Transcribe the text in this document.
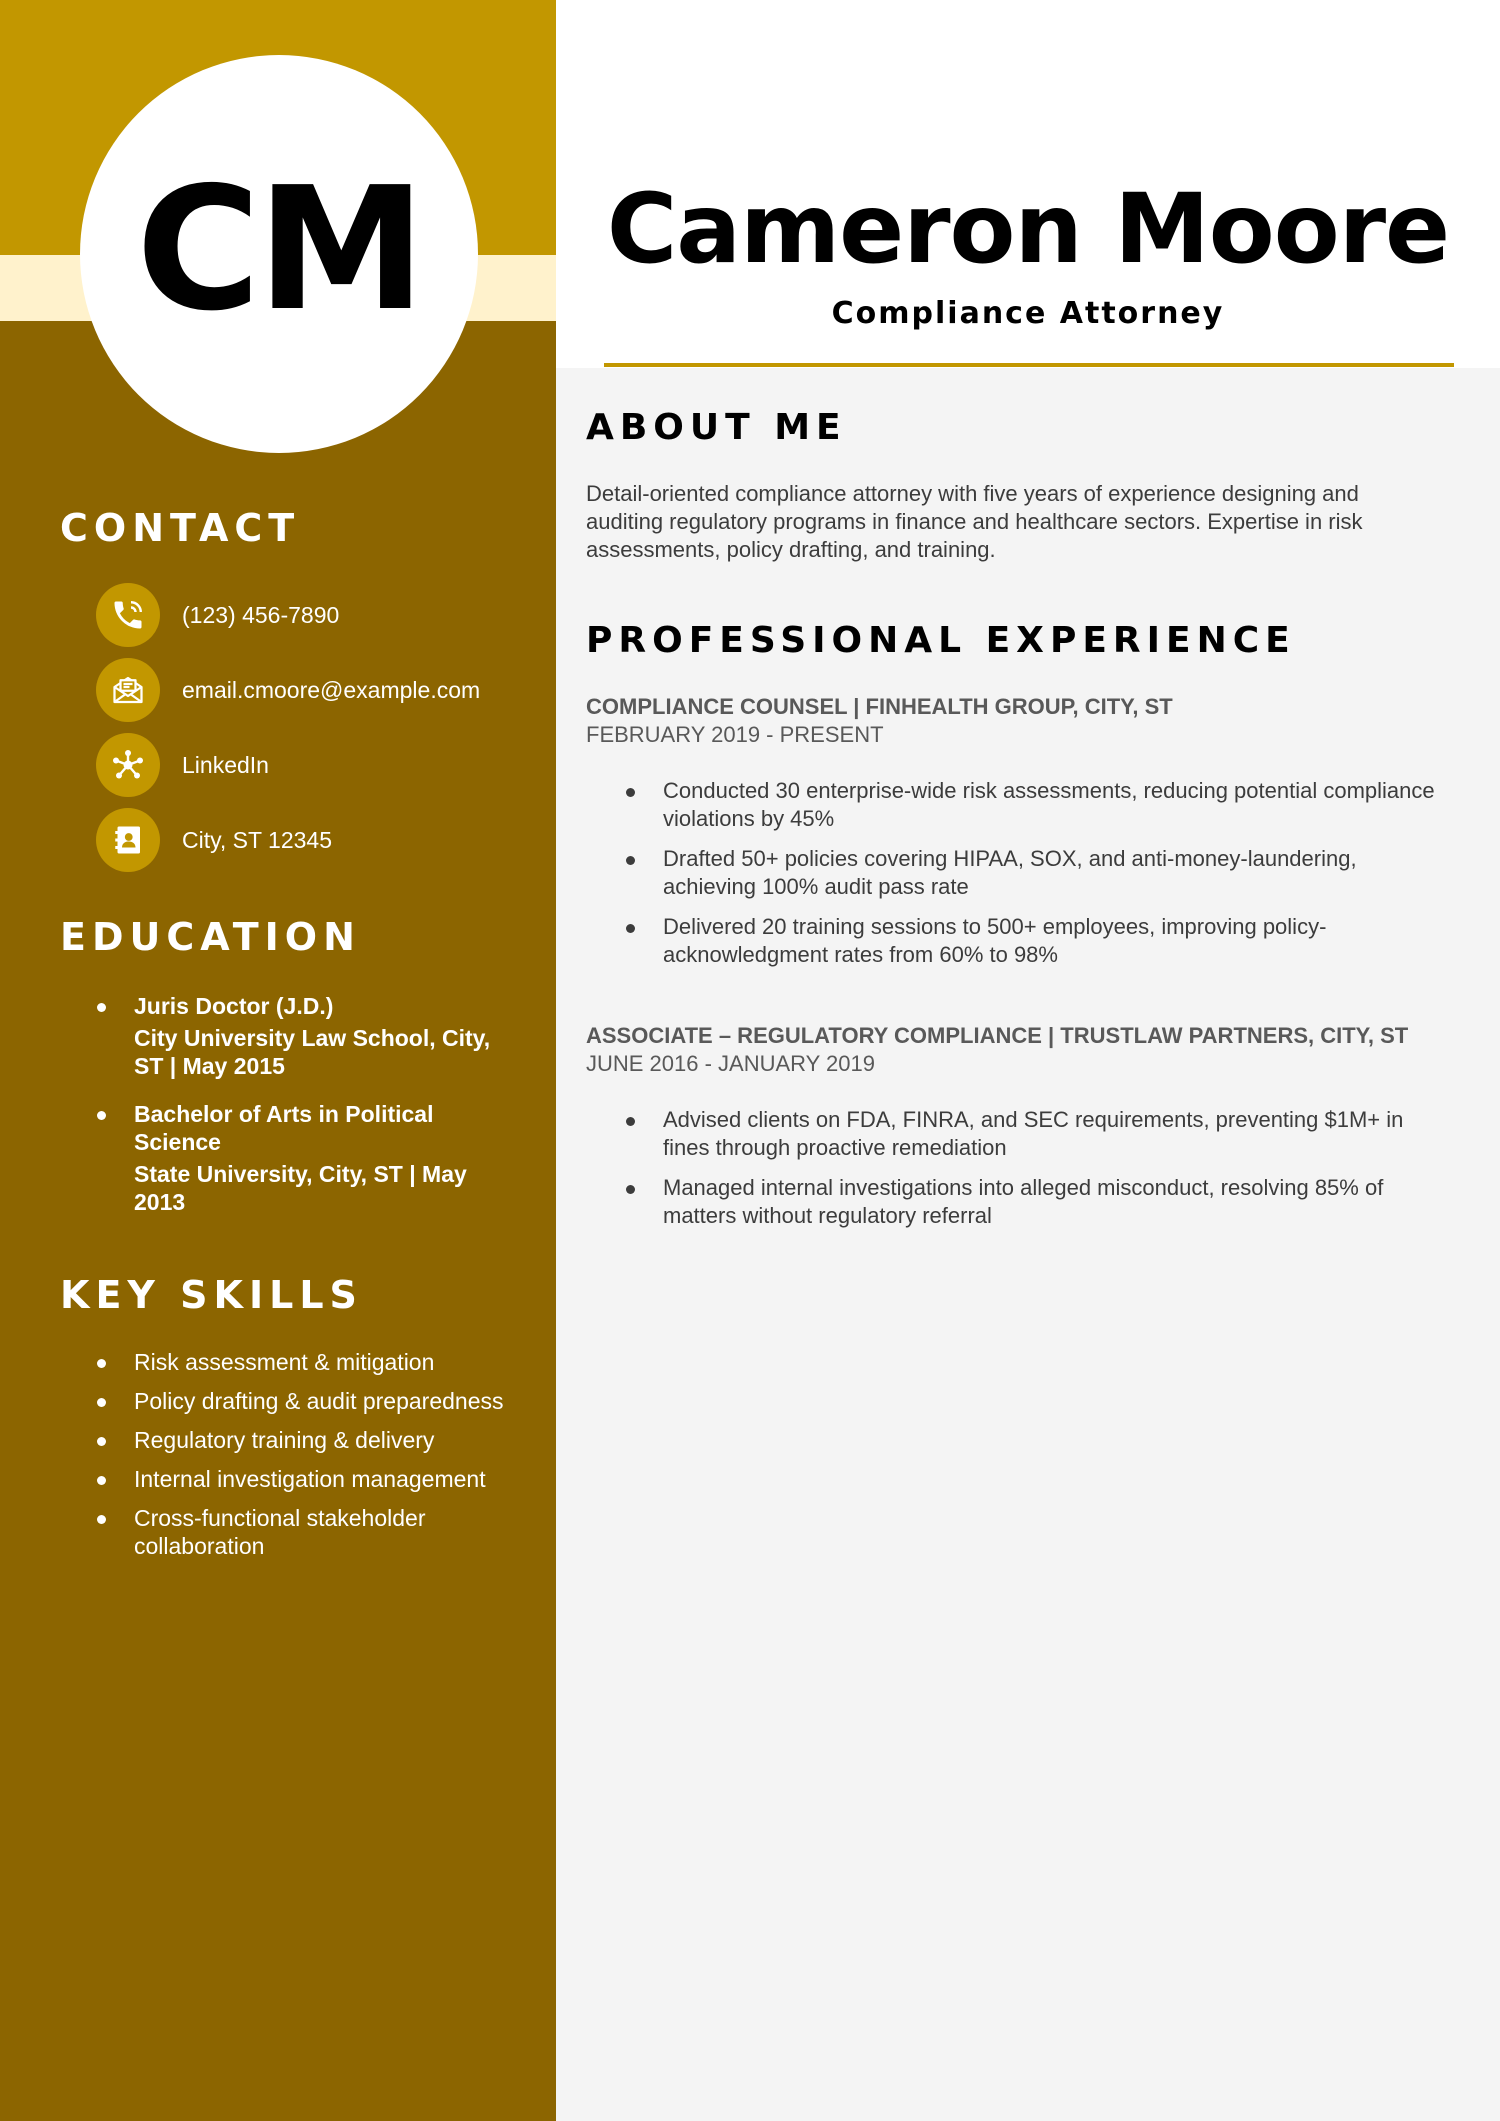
CM
CONTACT
(123) 456-7890
email.cmoore@example.com
LinkedIn
City, ST 12345
EDUCATION
Juris Doctor (J.D.)
City University Law School, City, ST | May 2015
Bachelor of Arts in Political Science
State University, City, ST | May 2013
KEY SKILLS
Risk assessment & mitigation
Policy drafting & audit preparedness
Regulatory training & delivery
Internal investigation management
Cross-functional stakeholder collaboration
Cameron Moore
Compliance Attorney
ABOUT ME

Detail-oriented compliance attorney with five years of experience designing and auditing regulatory programs in finance and healthcare sectors. Expertise in risk assessments, policy drafting, and training.

PROFESSIONAL EXPERIENCE

COMPLIANCE COUNSEL | FINHEALTH GROUP, CITY, ST

FEBRUARY 2019 - PRESENT

Conducted 30 enterprise-wide risk assessments, reducing potential compliance violations by 45%
Drafted 50+ policies covering HIPAA, SOX, and anti-money-laundering, achieving 100% audit pass rate
Delivered 20 training sessions to 500+ employees, improving policy-acknowledgment rates from 60% to 98%

ASSOCIATE – REGULATORY COMPLIANCE | TRUSTLAW PARTNERS, CITY, ST

JUNE 2016 - JANUARY 2019

Advised clients on FDA, FINRA, and SEC requirements, preventing $1M+ in fines through proactive remediation
Managed internal investigations into alleged misconduct, resolving 85% of matters without regulatory referral
